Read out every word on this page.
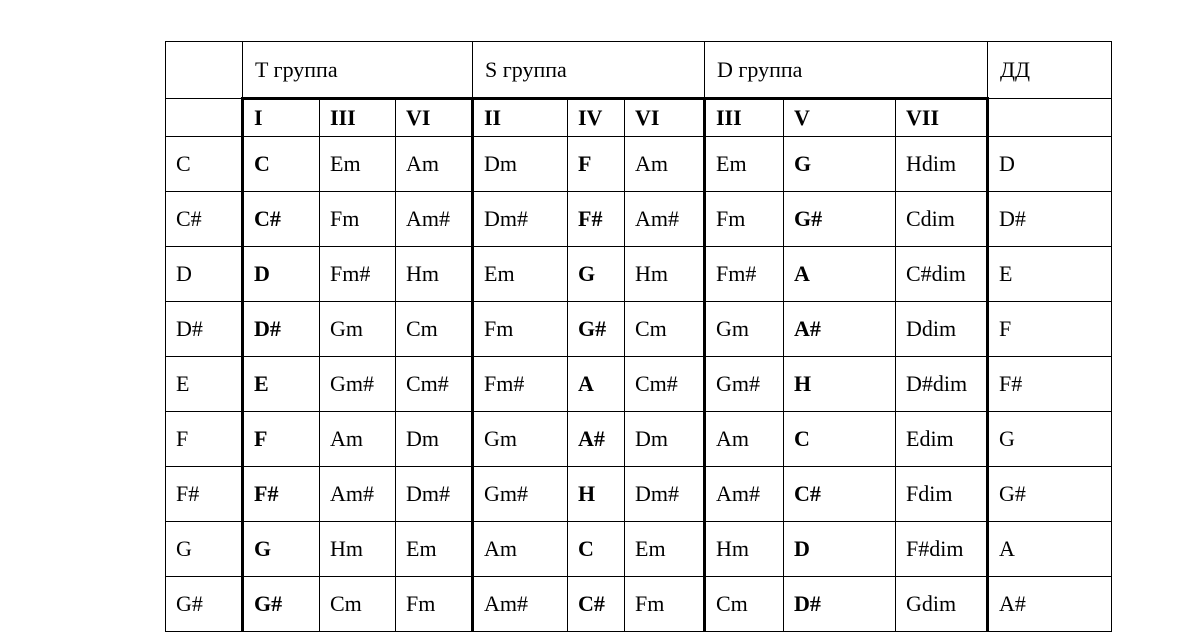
	T группа			S группа			D группа			ДД
	I	III	VI	II	IV	VI	III	V	VII	
C	C	Em	Am	Dm	F	Am	Em	G	Hdim	D
C#	C#	Fm	Am#	Dm#	F#	Am#	Fm	G#	Cdim	D#
D	D	Fm#	Hm	Em	G	Hm	Fm#	A	C#dim	E
D#	D#	Gm	Cm	Fm	G#	Cm	Gm	A#	Ddim	F
E	E	Gm#	Cm#	Fm#	A	Cm#	Gm#	H	D#dim	F#
F	F	Am	Dm	Gm	A#	Dm	Am	C	Edim	G
F#	F#	Am#	Dm#	Gm#	H	Dm#	Am#	C#	Fdim	G#
G	G	Hm	Em	Am	C	Em	Hm	D	F#dim	A
G#	G#	Cm	Fm	Am#	C#	Fm	Cm	D#	Gdim	A#
